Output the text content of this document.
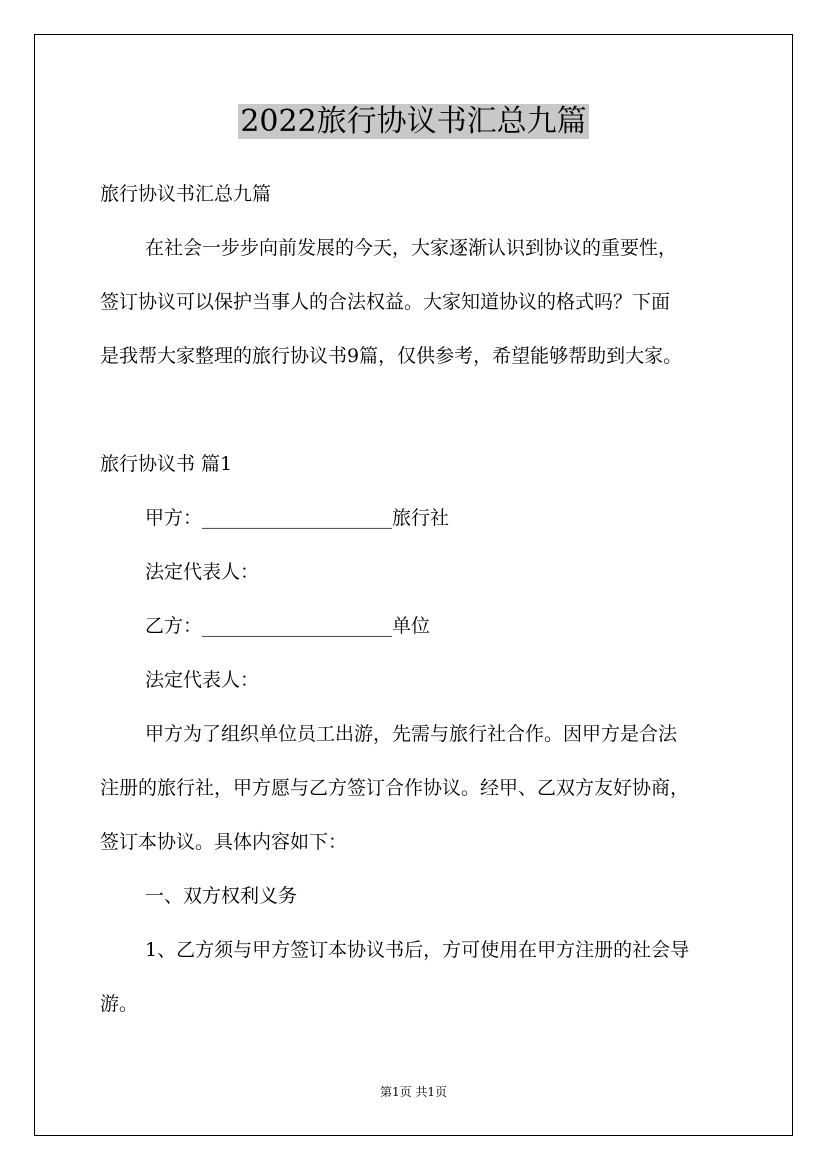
2022旅行协议书汇总九篇

旅行协议书汇总九篇

在社会一步步向前发展的今天，大家逐渐认识到协议的重要性，

签订协议可以保护当事人的合法权益。大家知道协议的格式吗？下面

是我帮大家整理的旅行协议书9篇，仅供参考，希望能够帮助到大家。

旅行协议书 篇1

甲方：____________________旅行社

法定代表人：

乙方：____________________单位

法定代表人：

甲方为了组织单位员工出游，先需与旅行社合作。因甲方是合法

注册的旅行社，甲方愿与乙方签订合作协议。经甲、乙双方友好协商，

签订本协议。具体内容如下：

一、双方权利义务

1、乙方须与甲方签订本协议书后，方可使用在甲方注册的社会导

游。

第1页 共1页
